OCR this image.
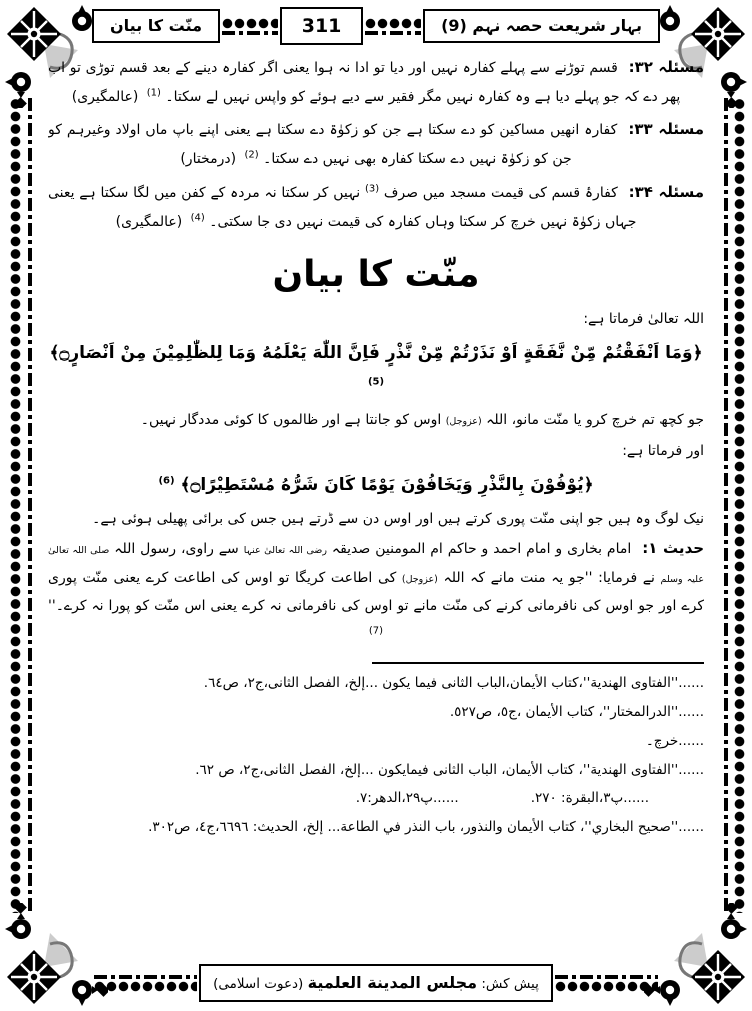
منّت کا بیان	311	بہار شریعت حصہ نہم (9)

مسئلہ ۳۲: قسم توڑنے سے پہلے کفارہ نہیں اور دیا تو ادا نہ ہوا یعنی اگر کفارہ دینے کے بعد قسم توڑی تو اب پھر دے کہ جو پہلے دیا ہے وہ کفارہ نہیں مگر فقیر سے دیے ہوئے کو واپس نہیں لے سکتا۔ $^{(1)}$ (عالمگیری)

مسئلہ ۳۳: کفارہ انھیں مساکین کو دے سکتا ہے جن کو زکوٰۃ دے سکتا ہے یعنی اپنے باپ ماں اولاد وغیرہم کو جن کو زکوٰۃ نہیں دے سکتا کفارہ بھی نہیں دے سکتا۔ $^{(2)}$ (درمختار)

مسئلہ ۳۴: کفارۂ قسم کی قیمت مسجد میں صرف $^{(3)}$ نہیں کر سکتا نہ مردہ کے کفن میں لگا سکتا ہے یعنی جہاں زکوٰۃ نہیں خرچ کر سکتا وہاں کفارہ کی قیمت نہیں دی جا سکتی۔ $^{(4)}$ (عالمگیری)

منّت کا بیان

اللہ تعالیٰ فرماتا ہے:

﴿وَمَا اَنْفَقْتُمْ مِّنْ نَّفَقَةٍ اَوْ نَذَرْتُمْ مِّنْ نَّذْرٍ فَاِنَّ اللّٰهَ يَعْلَمُهُ وَمَا لِلظّٰلِمِيْنَ مِنْ اَنْصَارٍ۝﴾ $^{(5)}$

جو کچھ تم خرچ کرو یا منّت مانو، اللہ (عزوجل) اوس کو جانتا ہے اور ظالموں کا کوئی مددگار نہیں۔

اور فرماتا ہے:

﴿يُوْفُوْنَ بِالنَّذْرِ وَيَخَافُوْنَ يَوْمًا كَانَ شَرُّهُ مُسْتَطِيْرًا۝﴾ $^{(6)}$

نیک لوگ وہ ہیں جو اپنی منّت پوری کرتے ہیں اور اوس دن سے ڈرتے ہیں جس کی برائی پھیلی ہوئی ہے۔

حدیث ۱: امام بخاری و امام احمد و حاکم ام المومنین صدیقہ رضی اللہ تعالیٰ عنہا سے راوی، رسول اللہ صلی اللہ تعالیٰ علیہ وسلم نے فرمایا: ''جو یہ منت مانے کہ اللہ (عزوجل) کی اطاعت کریگا تو اوس کی اطاعت کرے یعنی منّت پوری کرے اور جو اوس کی نافرمانی کرنے کی منّت مانے تو اوس کی نافرمانی نہ کرے یعنی اس منّت کو پورا نہ کرے۔'' $^{(7)}$

......''الفتاوى الهندية''،كتاب الأيمان،الباب الثانى فيما يكون ...إلخ، الفصل الثانى،ج٢، ص٦٤.

......''الدرالمختار''، كتاب الأيمان ،ج٥، ص٥٢٧.

......خرچ۔

......''الفتاوى الهندية''، كتاب الأيمان، الباب الثانى فيمايكون ...إلخ، الفصل الثانى،ج٢، ص ٦٢.

......پ٣،البقرة: ٢٧٠.
......پ٢٩،الدهر:٧.

......''صحيح البخاري''، كتاب الأيمان والنذور، باب النذر في الطاعة... إلخ، الحديث: ٦٦٩٦،ج٤، ص٣٠٢.

پیش کش: مجلس المدینة العلمیة (دعوت اسلامی)
